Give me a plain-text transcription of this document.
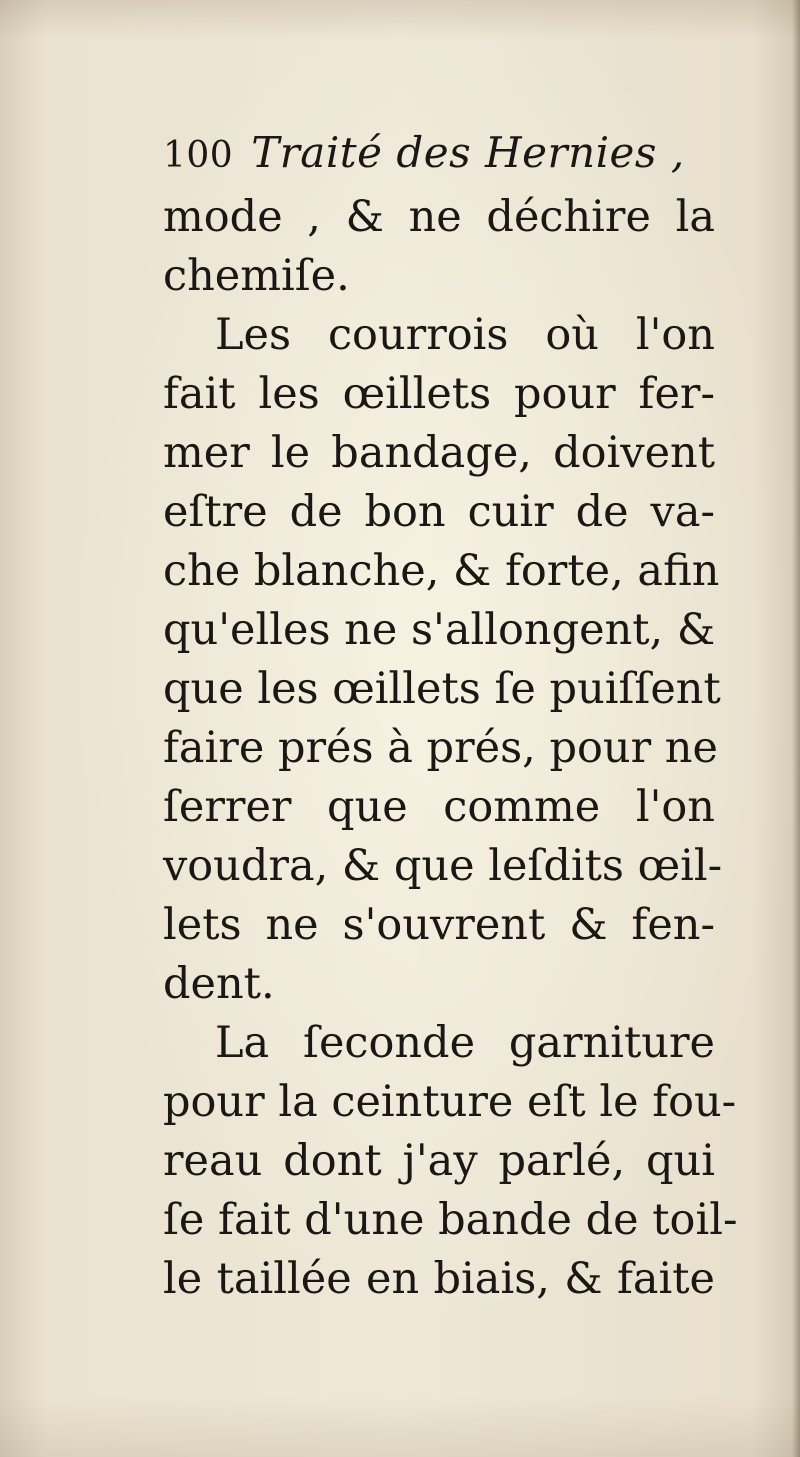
100 Traité des Hernies ,
mode , & ne déchire la
chemiſe.
Les courrois où l'on
fait les œillets pour fer-
mer le bandage, doivent
eſtre de bon cuir de va-
che blanche, & forte, afin
qu'elles ne s'allongent, &
que les œillets ſe puiſſent
faire prés à prés, pour ne
ſerrer que comme l'on
voudra, & que leſdits œil-
lets ne s'ouvrent & fen-
dent.
La ſeconde garniture
pour la ceinture eſt le fou-
reau dont j'ay parlé, qui
ſe fait d'une bande de toil-
le taillée en biais, & faite
